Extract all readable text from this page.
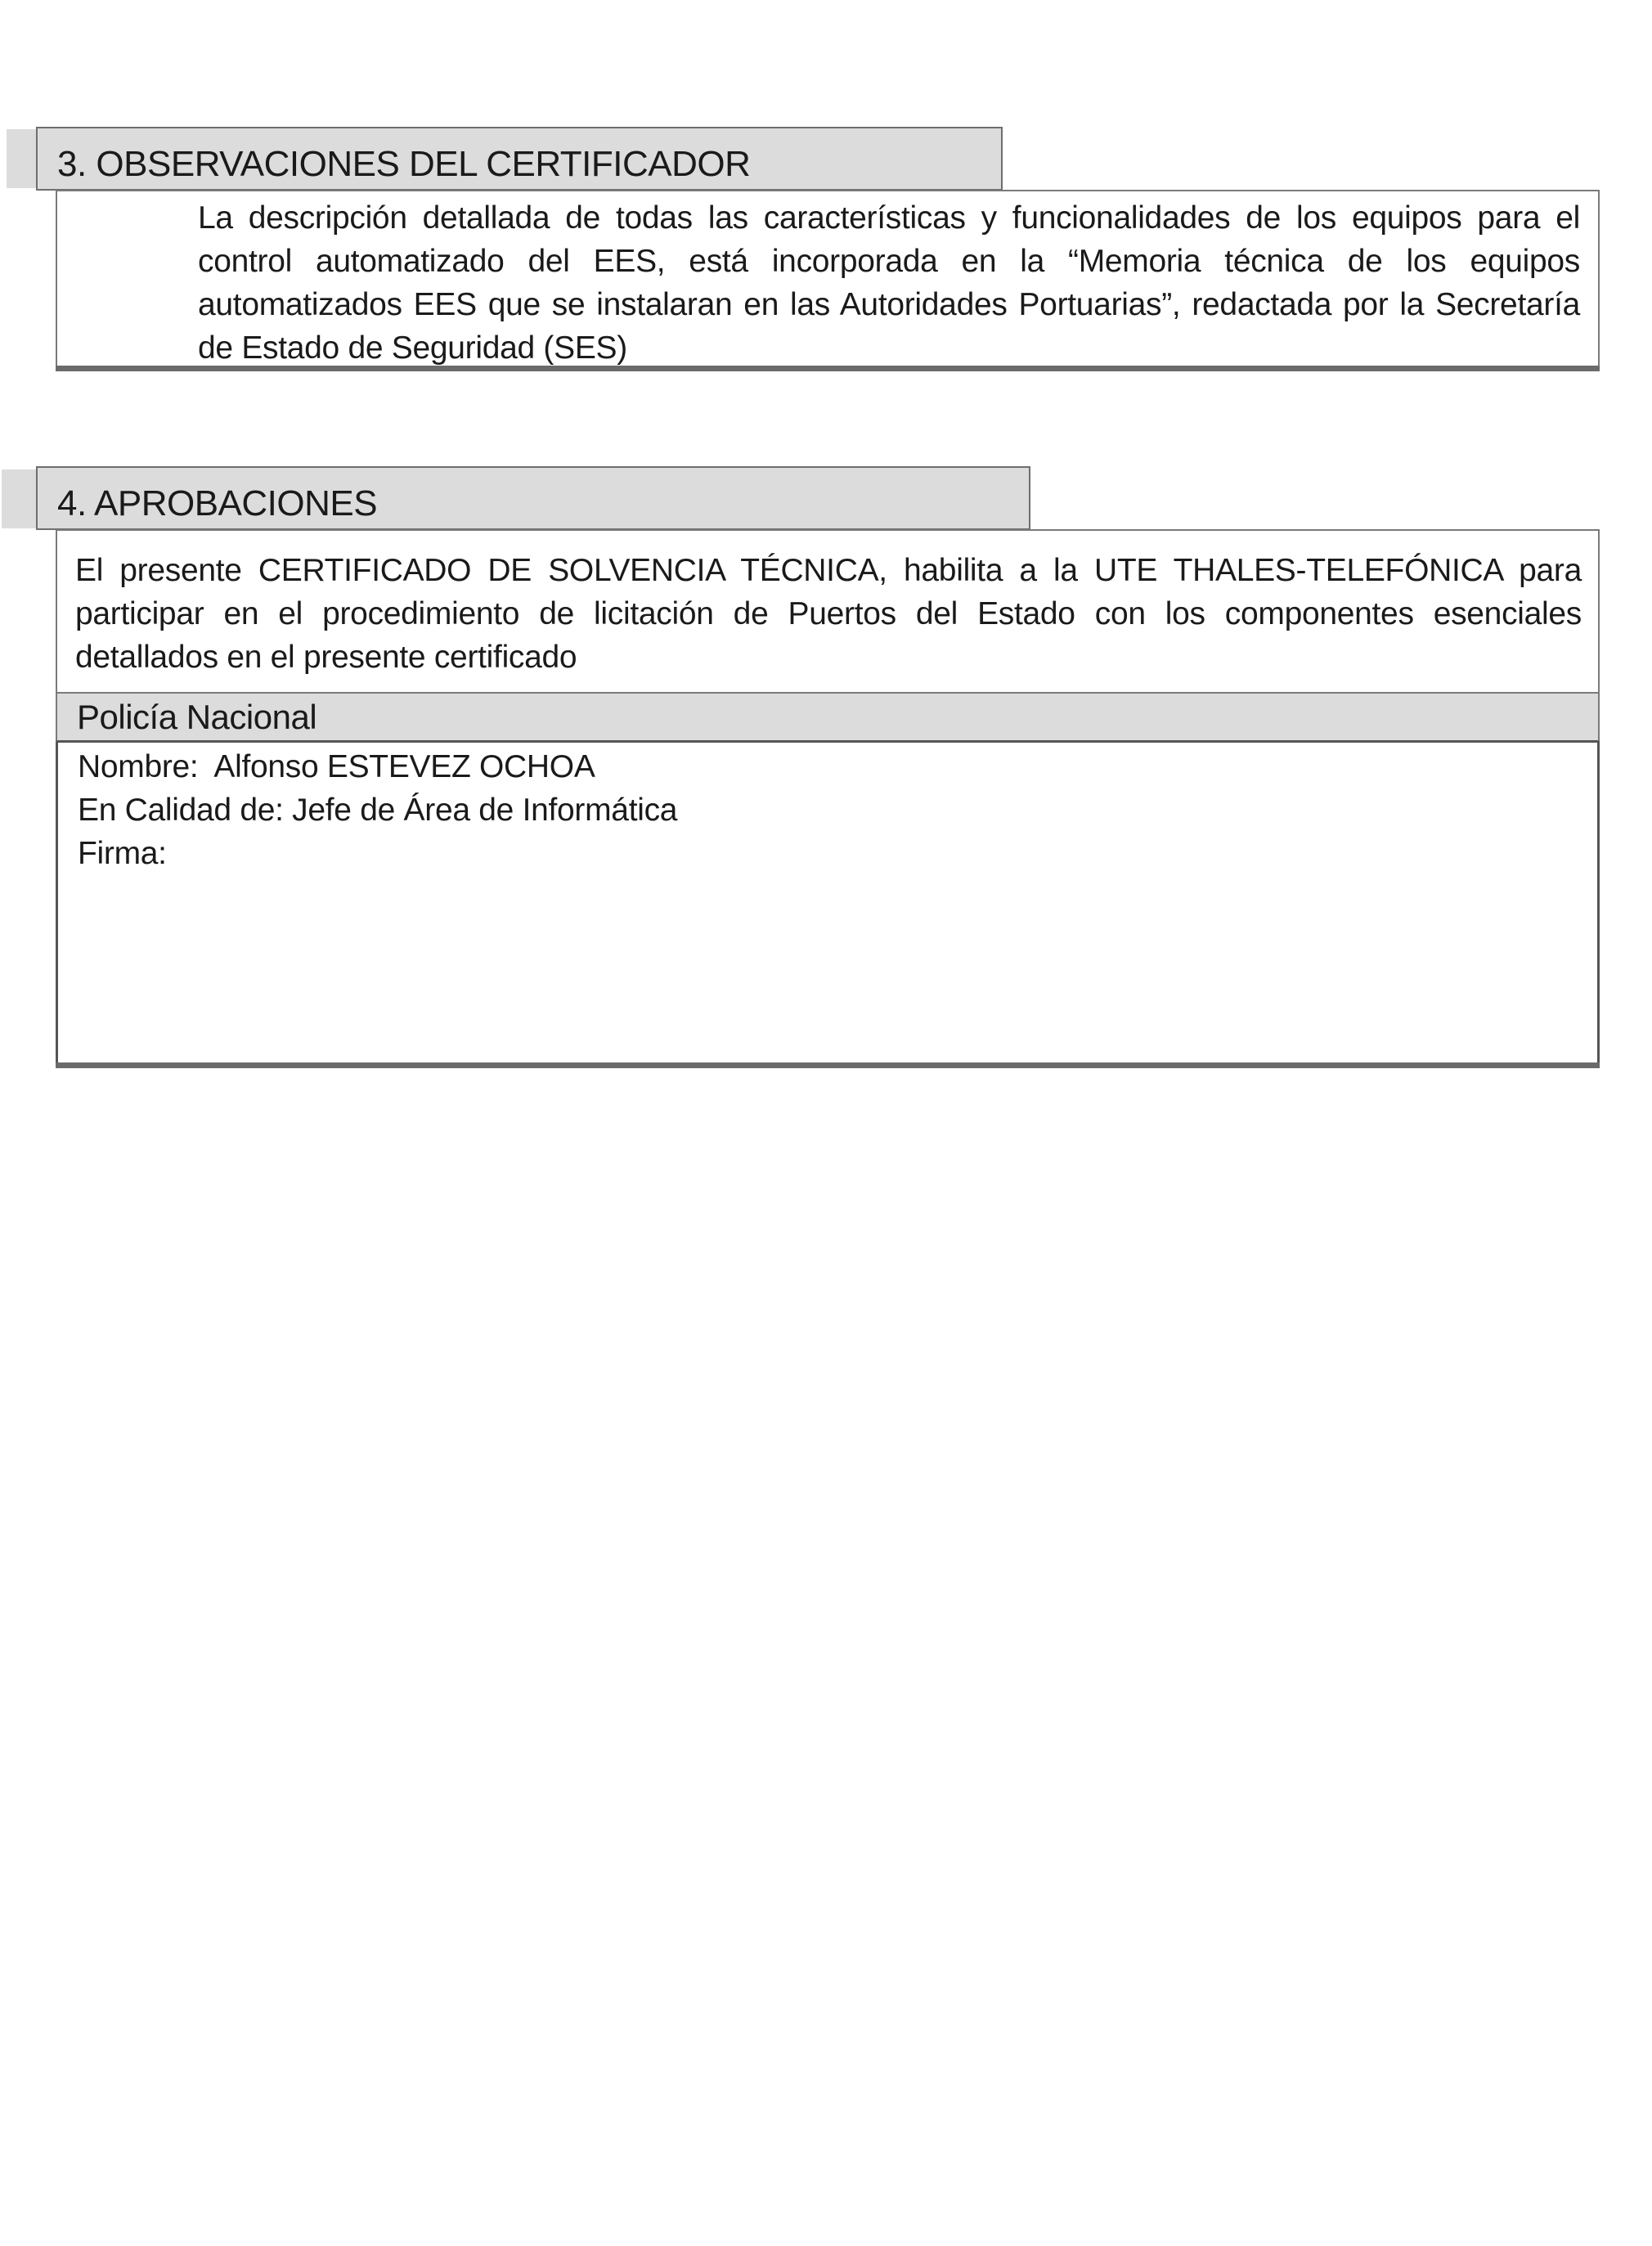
3. OBSERVACIONES DEL CERTIFICADOR
La descripción detallada de todas las características y funcionalidades de los equipos para el control automatizado del EES, está incorporada en la “Memoria técnica de los equipos automatizados EES que se instalaran en las Autoridades Portuarias”, redactada por la Secretaría de Estado de Seguridad (SES)
4. APROBACIONES
El presente CERTIFICADO DE SOLVENCIA TÉCNICA, habilita a la UTE THALES-TELEFÓNICA para participar en el procedimiento de licitación de Puertos del Estado con los componentes esenciales detallados en el presente certificado
Policía Nacional
Nombre:  Alfonso ESTEVEZ OCHOA
En Calidad de: Jefe de Área de Informática
Firma:
